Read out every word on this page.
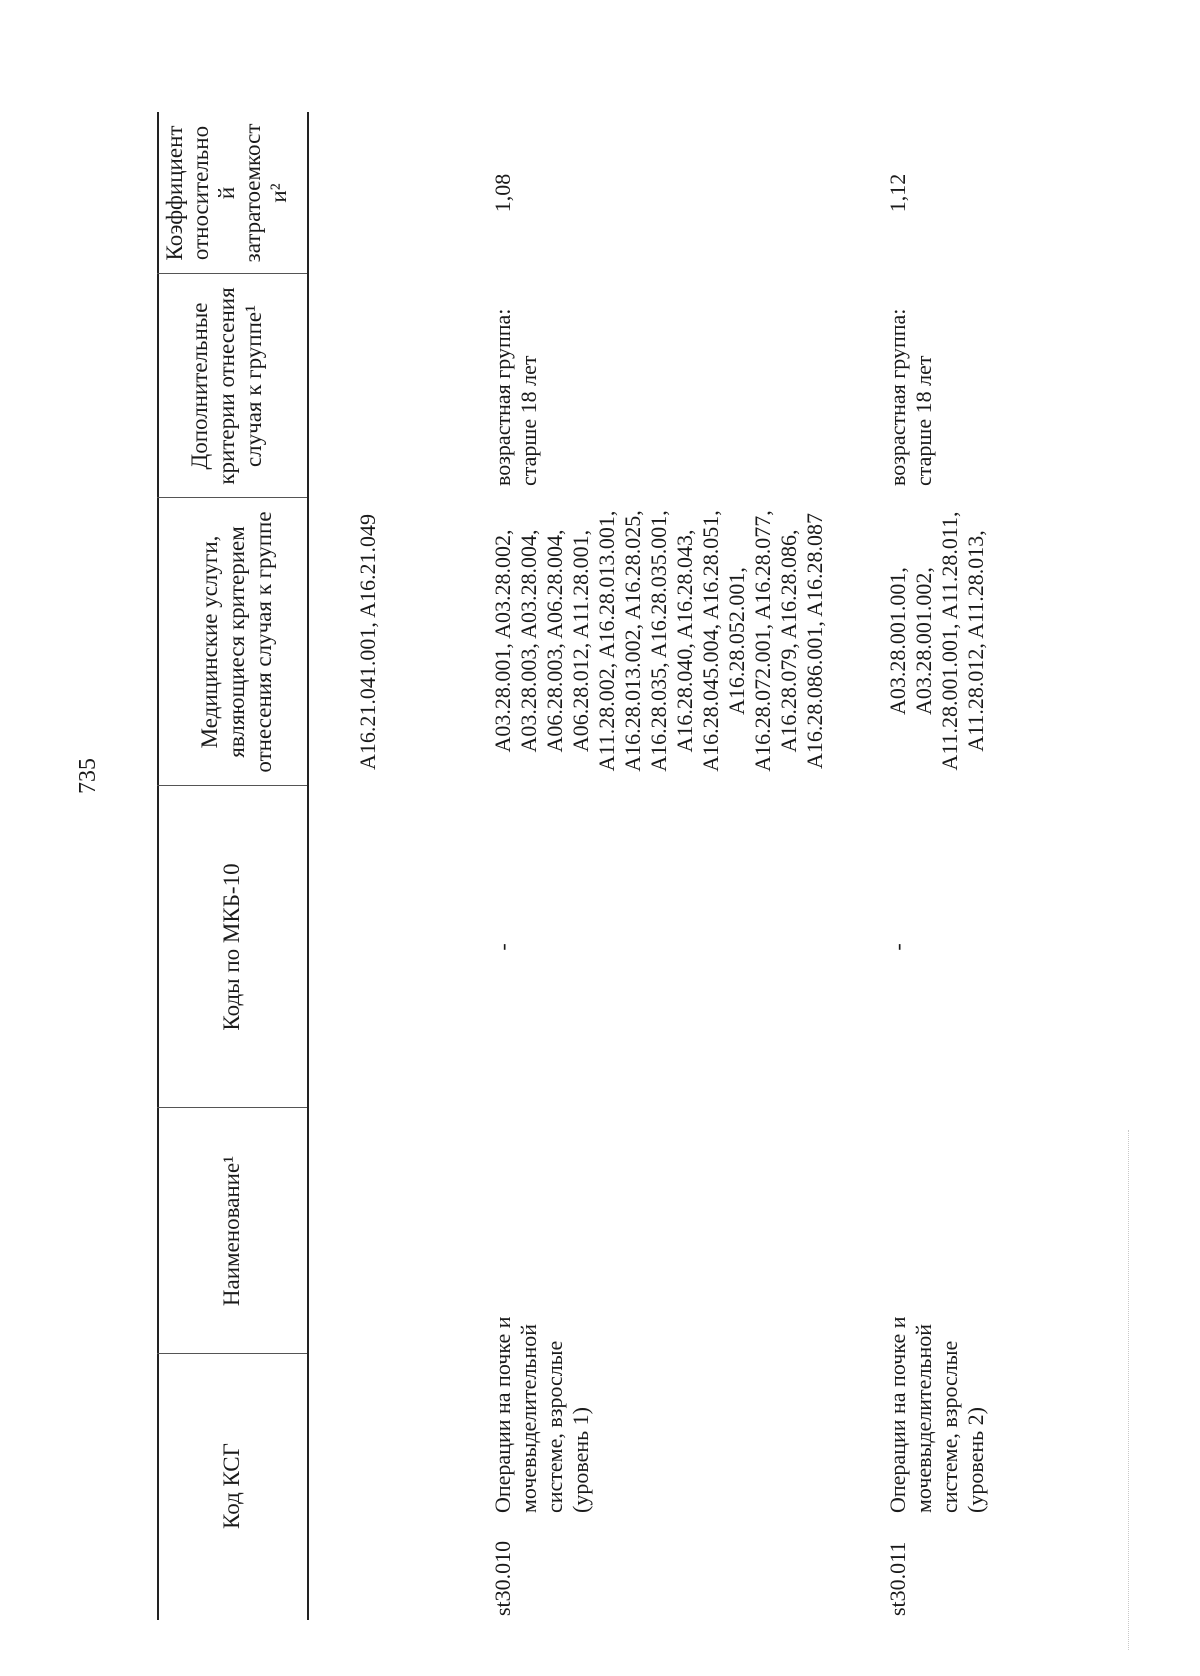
735
Код КСГ
Наименование¹
Коды по МКБ-10
Медицинские услуги,
являющиеся критерием
отнесения случая к группе
Дополнительные
критерии отнесения
случая к группе¹
Коэффициент
относительно
й
затратоемкост
и²
A16.21.041.001, A16.21.049
st30.010
Операции на почке и
мочевыделительной
системе, взрослые
(уровень 1)
-
A03.28.001, A03.28.002,
A03.28.003, A03.28.004,
A06.28.003, A06.28.004,
A06.28.012, A11.28.001,
A11.28.002, A16.28.013.001,
A16.28.013.002, A16.28.025,
A16.28.035, A16.28.035.001,
A16.28.040, A16.28.043,
A16.28.045.004, A16.28.051,
A16.28.052.001,
A16.28.072.001, A16.28.077,
A16.28.079, A16.28.086,
A16.28.086.001, A16.28.087
возрастная группа:
старше 18 лет
1,08
st30.011
Операции на почке и
мочевыделительной
системе, взрослые
(уровень 2)
-
A03.28.001.001,
A03.28.001.002,
A11.28.001.001, A11.28.011,
A11.28.012, A11.28.013,
возрастная группа:
старше 18 лет
1,12
